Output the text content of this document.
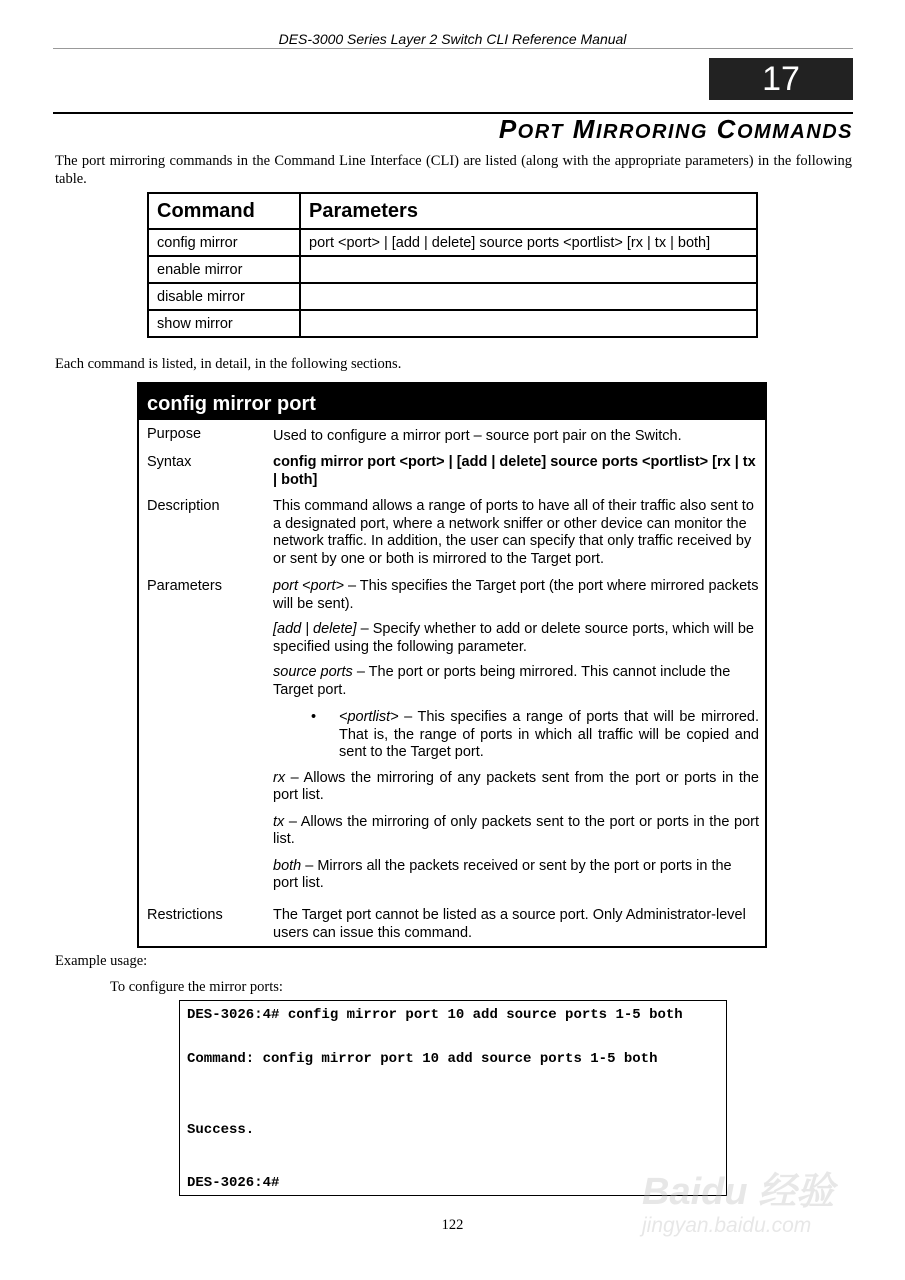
DES-3000 Series Layer 2 Switch CLI Reference Manual
17
PORT MIRRORING COMMANDS

The port mirroring commands in the Command Line Interface (CLI) are listed (along with the appropriate parameters) in the following table.

Command	Parameters
config mirror	port <port> | [add | delete] source ports <portlist> [rx | tx | both]
enable mirror	
disable mirror	
show mirror	

Each command is listed, in detail, in the following sections.

config mirror port
Purpose	Used to configure a mirror port – source port pair on the Switch.
Syntax	config mirror port <port> | [add | delete] source ports <portlist> [rx | tx | both]
Description	This command allows a range of ports to have all of their traffic also sent to a designated port, where a network sniffer or other device can monitor the network traffic. In addition, the user can specify that only traffic received by or sent by one or both is mirrored to the Target port.
Parameters	port <port> – This specifies the Target port (the port where mirrored packets will be sent).

[add | delete] – Specify whether to add or delete source ports, which will be specified using the following parameter.

source ports – The port or ports being mirrored. This cannot include the Target port.

• <portlist> – This specifies a range of ports that will be mirrored. That is, the range of ports in which all traffic will be copied and sent to the Target port.

rx – Allows the mirroring of any packets sent from the port or ports in the port list.

tx – Allows the mirroring of only packets sent to the port or ports in the port list.

both – Mirrors all the packets received or sent by the port or ports in the port list.

Restrictions	The Target port cannot be listed as a source port. Only Administrator-level users can issue this command.

Example usage:

To configure the mirror ports:

DES-3026:4# config mirror port 10 add source ports 1-5 both
Command: config mirror port 10 add source ports 1-5 both
Success.
DES-3026:4#
122
Baidu 经验
jingyan.baidu.com
